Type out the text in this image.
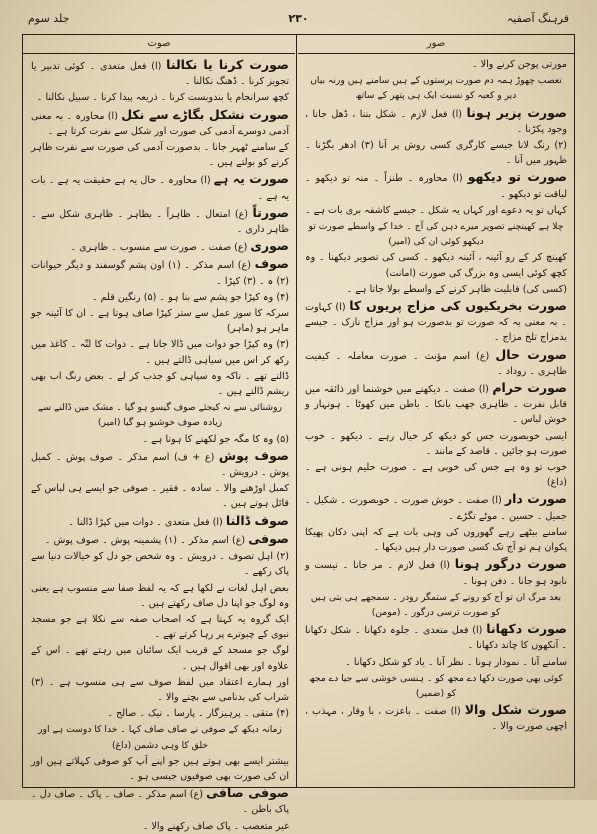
فرہنگ آصفیہ
۲۳۰
جلد سوم
صوت	صور

مورتی پوجن کرنے والا ۔

تعصب چھوڑ ہمہ دم صورت پرستوں کے ہیں سامنے ہیں ورنہ بیاں دیر و کعبہ کو نسبت ایک ہی پتھر کے ساتھ

صورت پزیر ہونا (ا) فعل لازم ۔ شکل بننا ، ڈھل جانا ، وجود پکڑنا ۔

(۲) رنگ لانا جیسے کارگری کسی روش پر آنا (۳) ادھر بگڑنا ۔ ظہور میں آنا ۔

صورت تو دیکھو (ا) محاورہ ۔ طنزاً ۔ منہ تو دیکھو ۔ لیاقت تو دیکھو ۔

کہاں تو یہ دعوے اور کہاں یہ شکل ۔ جیسے کاشفہ بری بات ہے ۔

چلا ہے کھینچنے تصویر میرے دہن کی آج ۔ خدا کے واسطے صورت تو دیکھو کوئی ان کی (امیر)

کھینچ کر کے رو آئینہ ، آئینہ دیکھو ۔ کسی کی تصویر دیکھنا ۔ وہ کچھ کوئی ایسی وہ بزرگ کی صورت (امانت)

(کسی کی) قابلیت ظاہر کرنے کے واسطے بولا جاتا ہے ۔

صورت بخریکیوں کی مزاج پریوں کا (ا) کہاوت ۔ بہ معنی یہ کہ صورت تو بدصورت ہو اور مزاج نازک ۔ جیسے بدمزاج تلخ مزاج ۔

صورت حال (ع) اسم مؤنث ۔ صورت معاملہ ۔ کیفیت ظاہری ۔ روداد ۔

صورت حرام (ا) صفت ۔ دیکھنے میں خوشنما اور ذائقہ میں قابل نفرت ۔ ظاہری جھب بانکا ۔ باطن میں کھوٹا ۔ ہونہار و خوش لباس ۔

ایسی خوبصورت جس کو دیکھ کر خیال رہے ۔ دیکھو ۔ خوب صورت ہو جائیں ۔ قاصد کے مانند ۔

خوب تو وہ ہے جس کی خوبی ہے ۔ صورت حلیم ہونی ہے ۔ (داغ)

صورت دار (ا) صفت ۔ خوش صورت ۔ خوبصورت ۔ شکیل ۔ جمیل ۔ حسین ۔ موٹے تگڑے ۔

سامنے بیٹھے رہے گھوروں کی وہی بات ہے کہ اپنی دکان پھیکا پکوان ہم تو آج تک کسی صورت دار ہیں دیکھا ۔

صورت درگور ہونا (ا) فعل لازم ۔ مر جانا ۔ نیست و نابود ہو جانا ۔ دفن ہونا ۔

بعد مرگ اں تو آج کو رونے کے ستمگر رودر ۔ سمجھے ہی بتی ہیں کو صورت ترسی درگور ۔ (مومن)

صورت دکھانا (ا) فعل متعدی ۔ جلوہ دکھانا ۔ شکل دکھانا ۔ آنکھوں کا چاند دکھانا ۔

سامنے آنا ۔ نمودار ہونا ۔ نظر آنا ۔ یاد کو شکل دکھانا ۔

کوئی بھی صورت دکھا دے مجھ کو ۔ ہنسی خوشی سے جیا دے مجھ کو (ضمیر)

صورت شکل والا (ا) صفت ۔ باعزت ، با وقار ، مہذب ، اچھی صورت والا ۔

صورت کرنا یا نکالنا (ا) فعل متعدی ۔ کوئی تدبیر یا تجویز کرنا ۔ ڈھنگ نکالنا ۔

کچھ سرانجام یا بندوبست کرنا ۔ ذریعہ پیدا کرنا ۔ سبیل نکالنا ۔

صورت نشکل بگاڑے سے نکل (ا) محاورہ ۔ بہ معنی آدمی دوسرے آدمی کی صورت اور شکل سے نفرت کرتا ہے ۔

کے سامنے ٹھہر جانا ۔ بدصورت آدمی کی صورت سے نفرت ظاہر کرنے کو بولتے ہیں ۔

صورت یہ ہے (ا) محاورہ ۔ حال یہ ہے حقیقت یہ ہے ۔ بات یہ ہے ۔

صورتاً (ع) امتعال ۔ ظاہراً ۔ بظاہر ۔ ظاہری شکل سے ۔ ظاہر داری ۔

صوری (ع) صفت ۔ صورت سے منسوب ۔ ظاہری ۔

صوف (ع) اسم مذکر ۔ (۱) اون پشم گوسفند و دیگر حیوانات (۲) ہ ۔ (۳) کپڑا ۔

(۴) وہ کپڑا جو پشم سے بنا ہو ۔ (۵) رنگین قلم ۔

سرکہ کا سوز عمل سے ستر کپڑا صاف ہوتا ہے ۔ ان کا آئینہ جو ماہر ہو (ماہر)

(۳) وہ کپڑا جو دوات میں ڈالا جاتا ہے ۔ دوات کا لتّہ ۔ کاغذ میں رکھ کر اس میں سیاہی ڈالتے ہیں ۔

ڈالتے تھے ۔ تاکہ وہ سیاہی کو جذب کر لے ۔ بعض رنگ اب بھی ریشم ڈالتے ہیں ۔

روشنائی سے نہ کیجئے صوف گیسو ہو گیا ۔ مشک میں ڈالنے سے زیادہ صوف خوشبو ہو گیا (امیر)

(۵) وہ کا مگہ جو لکھنے کا ہوتا ہے ۔

صوف پوش (ع + ف) اسم مذکر ۔ صوف پوش ۔ کمبل پوش ۔ درویش ۔

کمبل اوڑھنے والا ۔ سادہ ۔ فقیر ۔ صوفی جو ایسے ہی لباس کے قائل ہوتے ہیں ۔

صوف ڈالنا (ا) فعل متعدی ۔ دوات میں کپڑا ڈالنا ۔

صوفی (ع) اسم مذکر ۔ (۱) پشمینہ پوش ۔ صوف پوش ۔

(۲) اہل تصوف ۔ درویش ۔ وہ شخص جو دل کو خیالات دنیا سے پاک رکھے ۔

بعض اہل لغات نے لکھا ہے کہ یہ لفظ صفا سے منسوب ہے یعنی وہ لوگ جو اپنا دل صاف رکھتے ہیں ۔

ایک گروہ یہ کہتا ہے کہ اصحاب صفہ سے نکلا ہے جو مسجد نبوی کے چبوترے پر رہا کرتے تھے ۔

لوگ جو مسجد کے قریب ایک سائبان میں رہتے تھے ۔ اس کے علاوہ اور بھی اقوال ہیں ۔

اور ہمارے اعتقاد میں لفظ صوف سے ہی منسوب ہے ۔ (۳) شراب کی بدنامی سے بچنے والا ۔

(۴) متقی ۔ پرہیزگار ۔ پارسا ۔ نیک ۔ صالح ۔

زمانہ دیکھ کے صوفی نے صاف صاف کہا ۔ خدا کا دوست ہے اور خلق کا وہی دشمن (داغ)

بیشتر ایسے بھی ہوتے ہیں جو اپنے آپ کو صوفی کہلاتے ہیں اور ان کی صورت بھی صوفیوں جیسی ہو ۔

صوفی صافی (ع) اسم مذکر ۔ صاف ۔ پاک ۔ صاف دل ۔ پاک باطن ۔

غیر متعصب ۔ پاک صاف رکھنے والا ۔
